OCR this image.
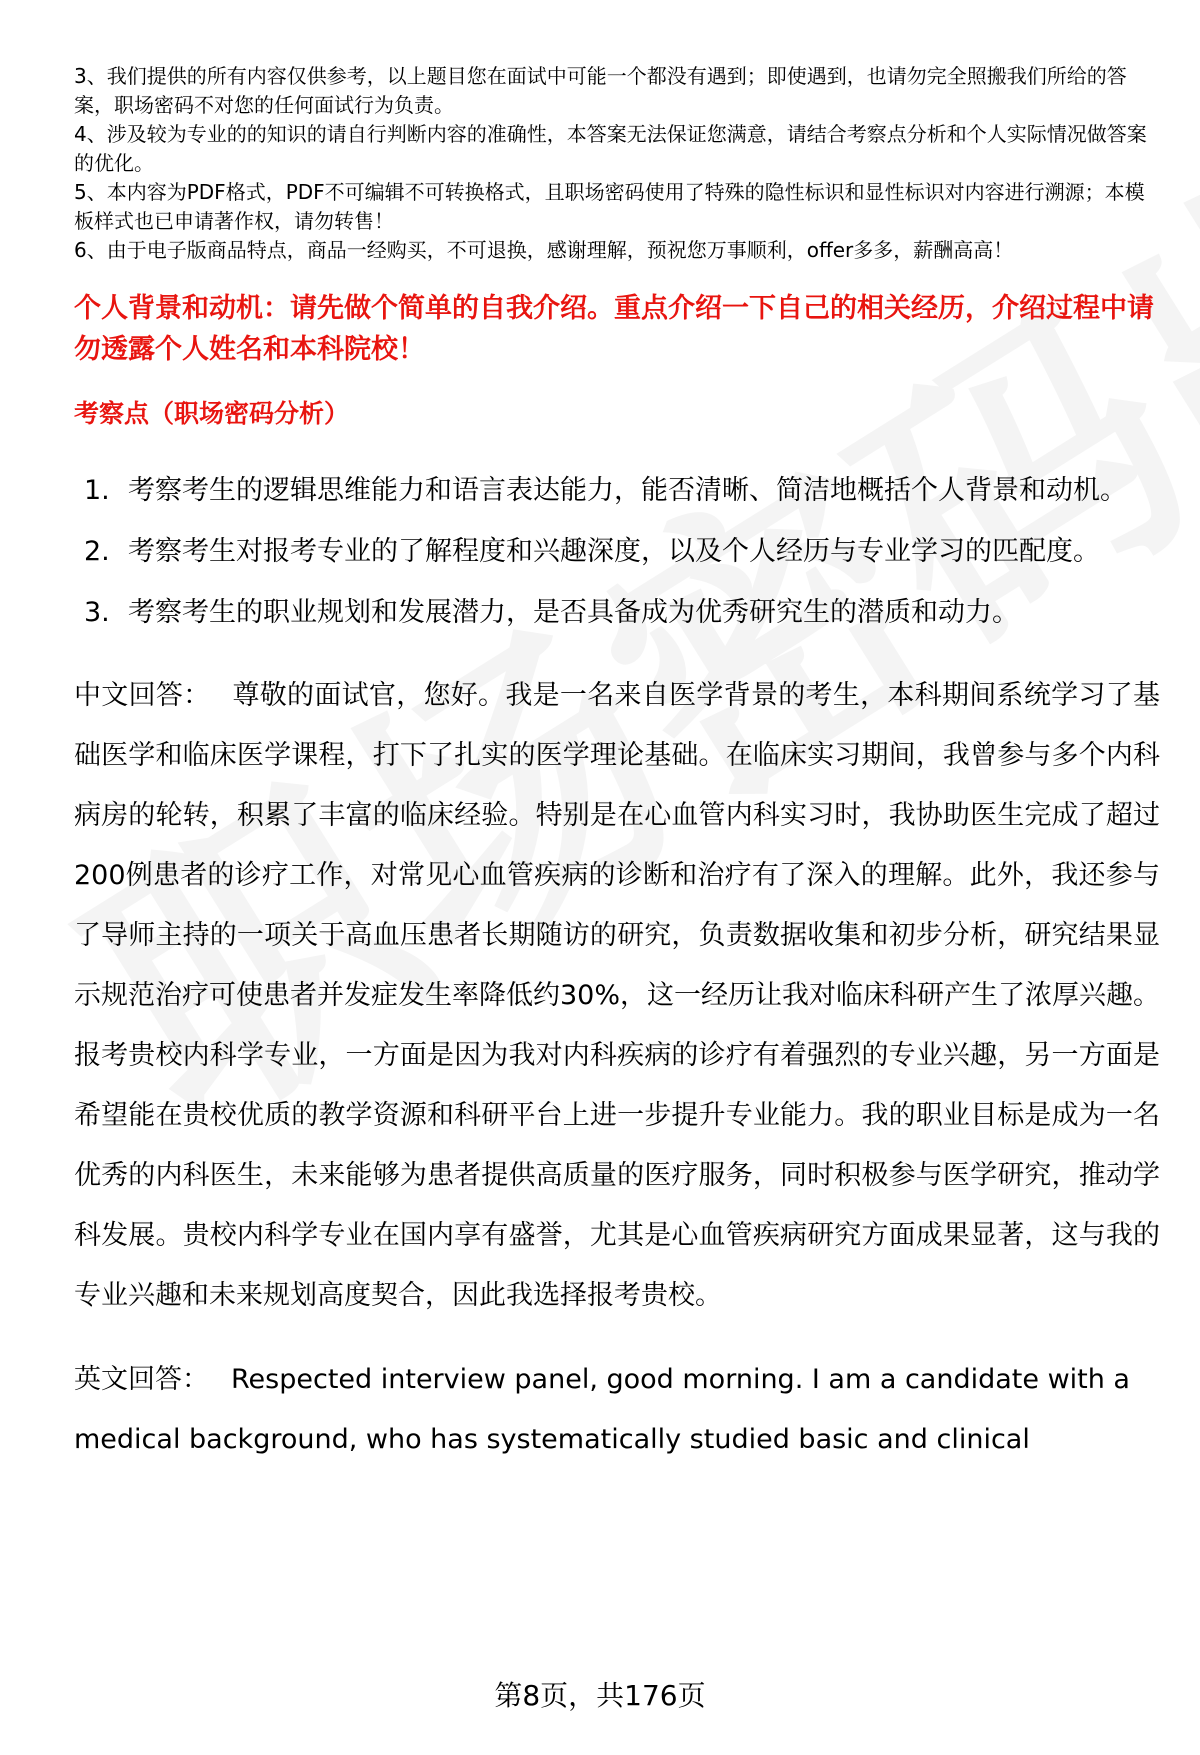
3、我们提供的所有内容仅供参考，以上题目您在面试中可能一个都没有遇到；即使遇到，也请勿完全照搬我们所给的答案，职场密码不对您的任何面试行为负责。

4、涉及较为专业的的知识的请自行判断内容的准确性，本答案无法保证您满意，请结合考察点分析和个人实际情况做答案的优化。

5、本内容为PDF格式，PDF不可编辑不可转换格式，且职场密码使用了特殊的隐性标识和显性标识对内容进行溯源；本模板样式也已申请著作权，请勿转售！

6、由于电子版商品特点，商品一经购买，不可退换，感谢理解，预祝您万事顺利，offer多多，薪酬高高！

个人背景和动机：请先做个简单的自我介绍。重点介绍一下自己的相关经历，介绍过程中请勿透露个人姓名和本科院校！

考察点（职场密码分析）

1. 考察考生的逻辑思维能力和语言表达能力，能否清晰、简洁地概括个人背景和动机。
2. 考察考生对报考专业的了解程度和兴趣深度，以及个人经历与专业学习的匹配度。
3. 考察考生的职业规划和发展潜力，是否具备成为优秀研究生的潜质和动力。

中文回答： 尊敬的面试官，您好。我是一名来自医学背景的考生，本科期间系统学习了基础医学和临床医学课程，打下了扎实的医学理论基础。在临床实习期间，我曾参与多个内科病房的轮转，积累了丰富的临床经验。特别是在心血管内科实习时，我协助医生完成了超过200例患者的诊疗工作，对常见心血管疾病的诊断和治疗有了深入的理解。此外，我还参与了导师主持的一项关于高血压患者长期随访的研究，负责数据收集和初步分析，研究结果显示规范治疗可使患者并发症发生率降低约30%，这一经历让我对临床科研产生了浓厚兴趣。报考贵校内科学专业，一方面是因为我对内科疾病的诊疗有着强烈的专业兴趣，另一方面是希望能在贵校优质的教学资源和科研平台上进一步提升专业能力。我的职业目标是成为一名优秀的内科医生，未来能够为患者提供高质量的医疗服务，同时积极参与医学研究，推动学科发展。贵校内科学专业在国内享有盛誉，尤其是心血管疾病研究方面成果显著，这与我的专业兴趣和未来规划高度契合，因此我选择报考贵校。

英文回答： Respected interview panel, good morning. I am a candidate with a medical background, who has systematically studied basic and clinical

第8页，共176页
